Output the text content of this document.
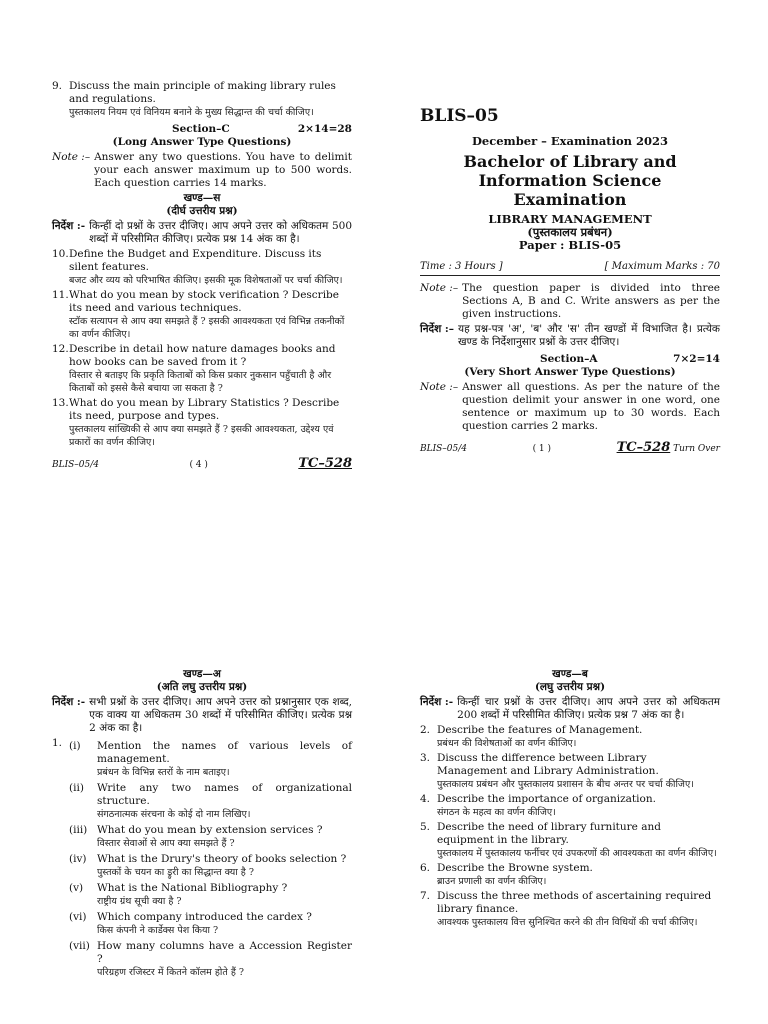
9. Discuss the main principle of making library rules and regulations.
पुस्तकालय नियम एवं विनियम बनाने के मुख्य सिद्धान्त की चर्चा कीजिए।
Section–C	2×14=28
(Long Answer Type Questions)
Note :– Answer any two questions. You have to delimit your each answer maximum up to 500 words. Each question carries 14 marks.
खण्ड—स
(दीर्घ उत्तरीय प्रश्न)
निर्देश :- किन्हीं दो प्रश्नों के उत्तर दीजिए। आप अपने उत्तर को अधिकतम 500 शब्दों में परिसीमित कीजिए। प्रत्येक प्रश्न 14 अंक का है।
10. Define the Budget and Expenditure. Discuss its silent features.
बजट और व्यय को परिभाषित कीजिए। इसकी मूक विशेषताओं पर चर्चा कीजिए।
11. What do you mean by stock verification ? Describe its need and various techniques.
स्टॉक सत्यापन से आप क्या समझते हैं ? इसकी आवश्यकता एवं विभिन्न तकनीकों का वर्णन कीजिए।
12. Describe in detail how nature damages books and how books can be saved from it ?
विस्तार से बताइए कि प्रकृति किताबों को किस प्रकार नुकसान पहुँचाती है और किताबों को इससे कैसे बचाया जा सकता है ?
13. What do you mean by Library Statistics ? Describe its need, purpose and types.
पुस्तकालय सांख्यिकी से आप क्या समझते हैं ? इसकी आवश्यकता, उद्देश्य एवं प्रकारों का वर्णन कीजिए।
BLIS–05/4	( 4 )	TC–528
BLIS–05
December – Examination 2023
Bachelor of Library and Information Science Examination
LIBRARY MANAGEMENT
(पुस्तकालय प्रबंधन)
Paper : BLIS-05
Time : 3 Hours ]	[ Maximum Marks : 70
Note :– The question paper is divided into three Sections A, B and C. Write answers as per the given instructions.
निर्देश :– यह प्रश्न-पत्र 'अ', 'ब' और 'स' तीन खण्डों में विभाजित है। प्रत्येक खण्ड के निर्देशानुसार प्रश्नों के उत्तर दीजिए।
Section–A	7×2=14
(Very Short Answer Type Questions)
Note :– Answer all questions. As per the nature of the question delimit your answer in one word, one sentence or maximum up to 30 words. Each question carries 2 marks.
BLIS–05/4	( 1 )	TC–528 Turn Over
खण्ड—अ
(अति लघु उत्तरीय प्रश्न)
निर्देश :- सभी प्रश्नों के उत्तर दीजिए। आप अपने उत्तर को प्रश्नानुसार एक शब्द, एक वाक्य या अधिकतम 30 शब्दों में परिसीमित कीजिए। प्रत्येक प्रश्न 2 अंक का है।
1. (i)	Mention the names of various levels of management.
प्रबंधन के विभिन्न स्तरों के नाम बताइए।
(ii)	Write any two names of organizational structure.
संगठनात्मक संरचना के कोई दो नाम लिखिए।
(iii) What do you mean by extension services ?
विस्तार सेवाओं से आप क्या समझते हैं ?
(iv)	What is the Drury's theory of books selection ?
पुस्तकों के चयन का ड्रुरी का सिद्धान्त क्या है ?
(v)	What is the National Bibliography ?
राष्ट्रीय ग्रंथ सूची क्या है ?
(vi)	Which company introduced the cardex ?
किस कंपनी ने कार्डेक्स पेश किया ?
(vii) How many columns have a Accession Register ?
परिग्रहण रजिस्टर में कितने कॉलम होते हैं ?
खण्ड—ब
(लघु उत्तरीय प्रश्न)
निर्देश :- किन्हीं चार प्रश्नों के उत्तर दीजिए। आप अपने उत्तर को अधिकतम 200 शब्दों में परिसीमित कीजिए। प्रत्येक प्रश्न 7 अंक का है।
2. Describe the features of Management.
प्रबंधन की विशेषताओं का वर्णन कीजिए।
3. Discuss the difference between Library Management and Library Administration.
पुस्तकालय प्रबंधन और पुस्तकालय प्रशासन के बीच अन्तर पर चर्चा कीजिए।
4. Describe the importance of organization.
संगठन के महत्व का वर्णन कीजिए।
5. Describe the need of library furniture and equipment in the library.
पुस्तकालय में पुस्तकालय फर्नीचर एवं उपकरणों की आवश्यकता का वर्णन कीजिए।
6. Describe the Browne system.
ब्राउन प्रणाली का वर्णन कीजिए।
7. Discuss the three methods of ascertaining required library finance.
आवश्यक पुस्तकालय वित्त सुनिश्चित करने की तीन विधियों की चर्चा कीजिए।
